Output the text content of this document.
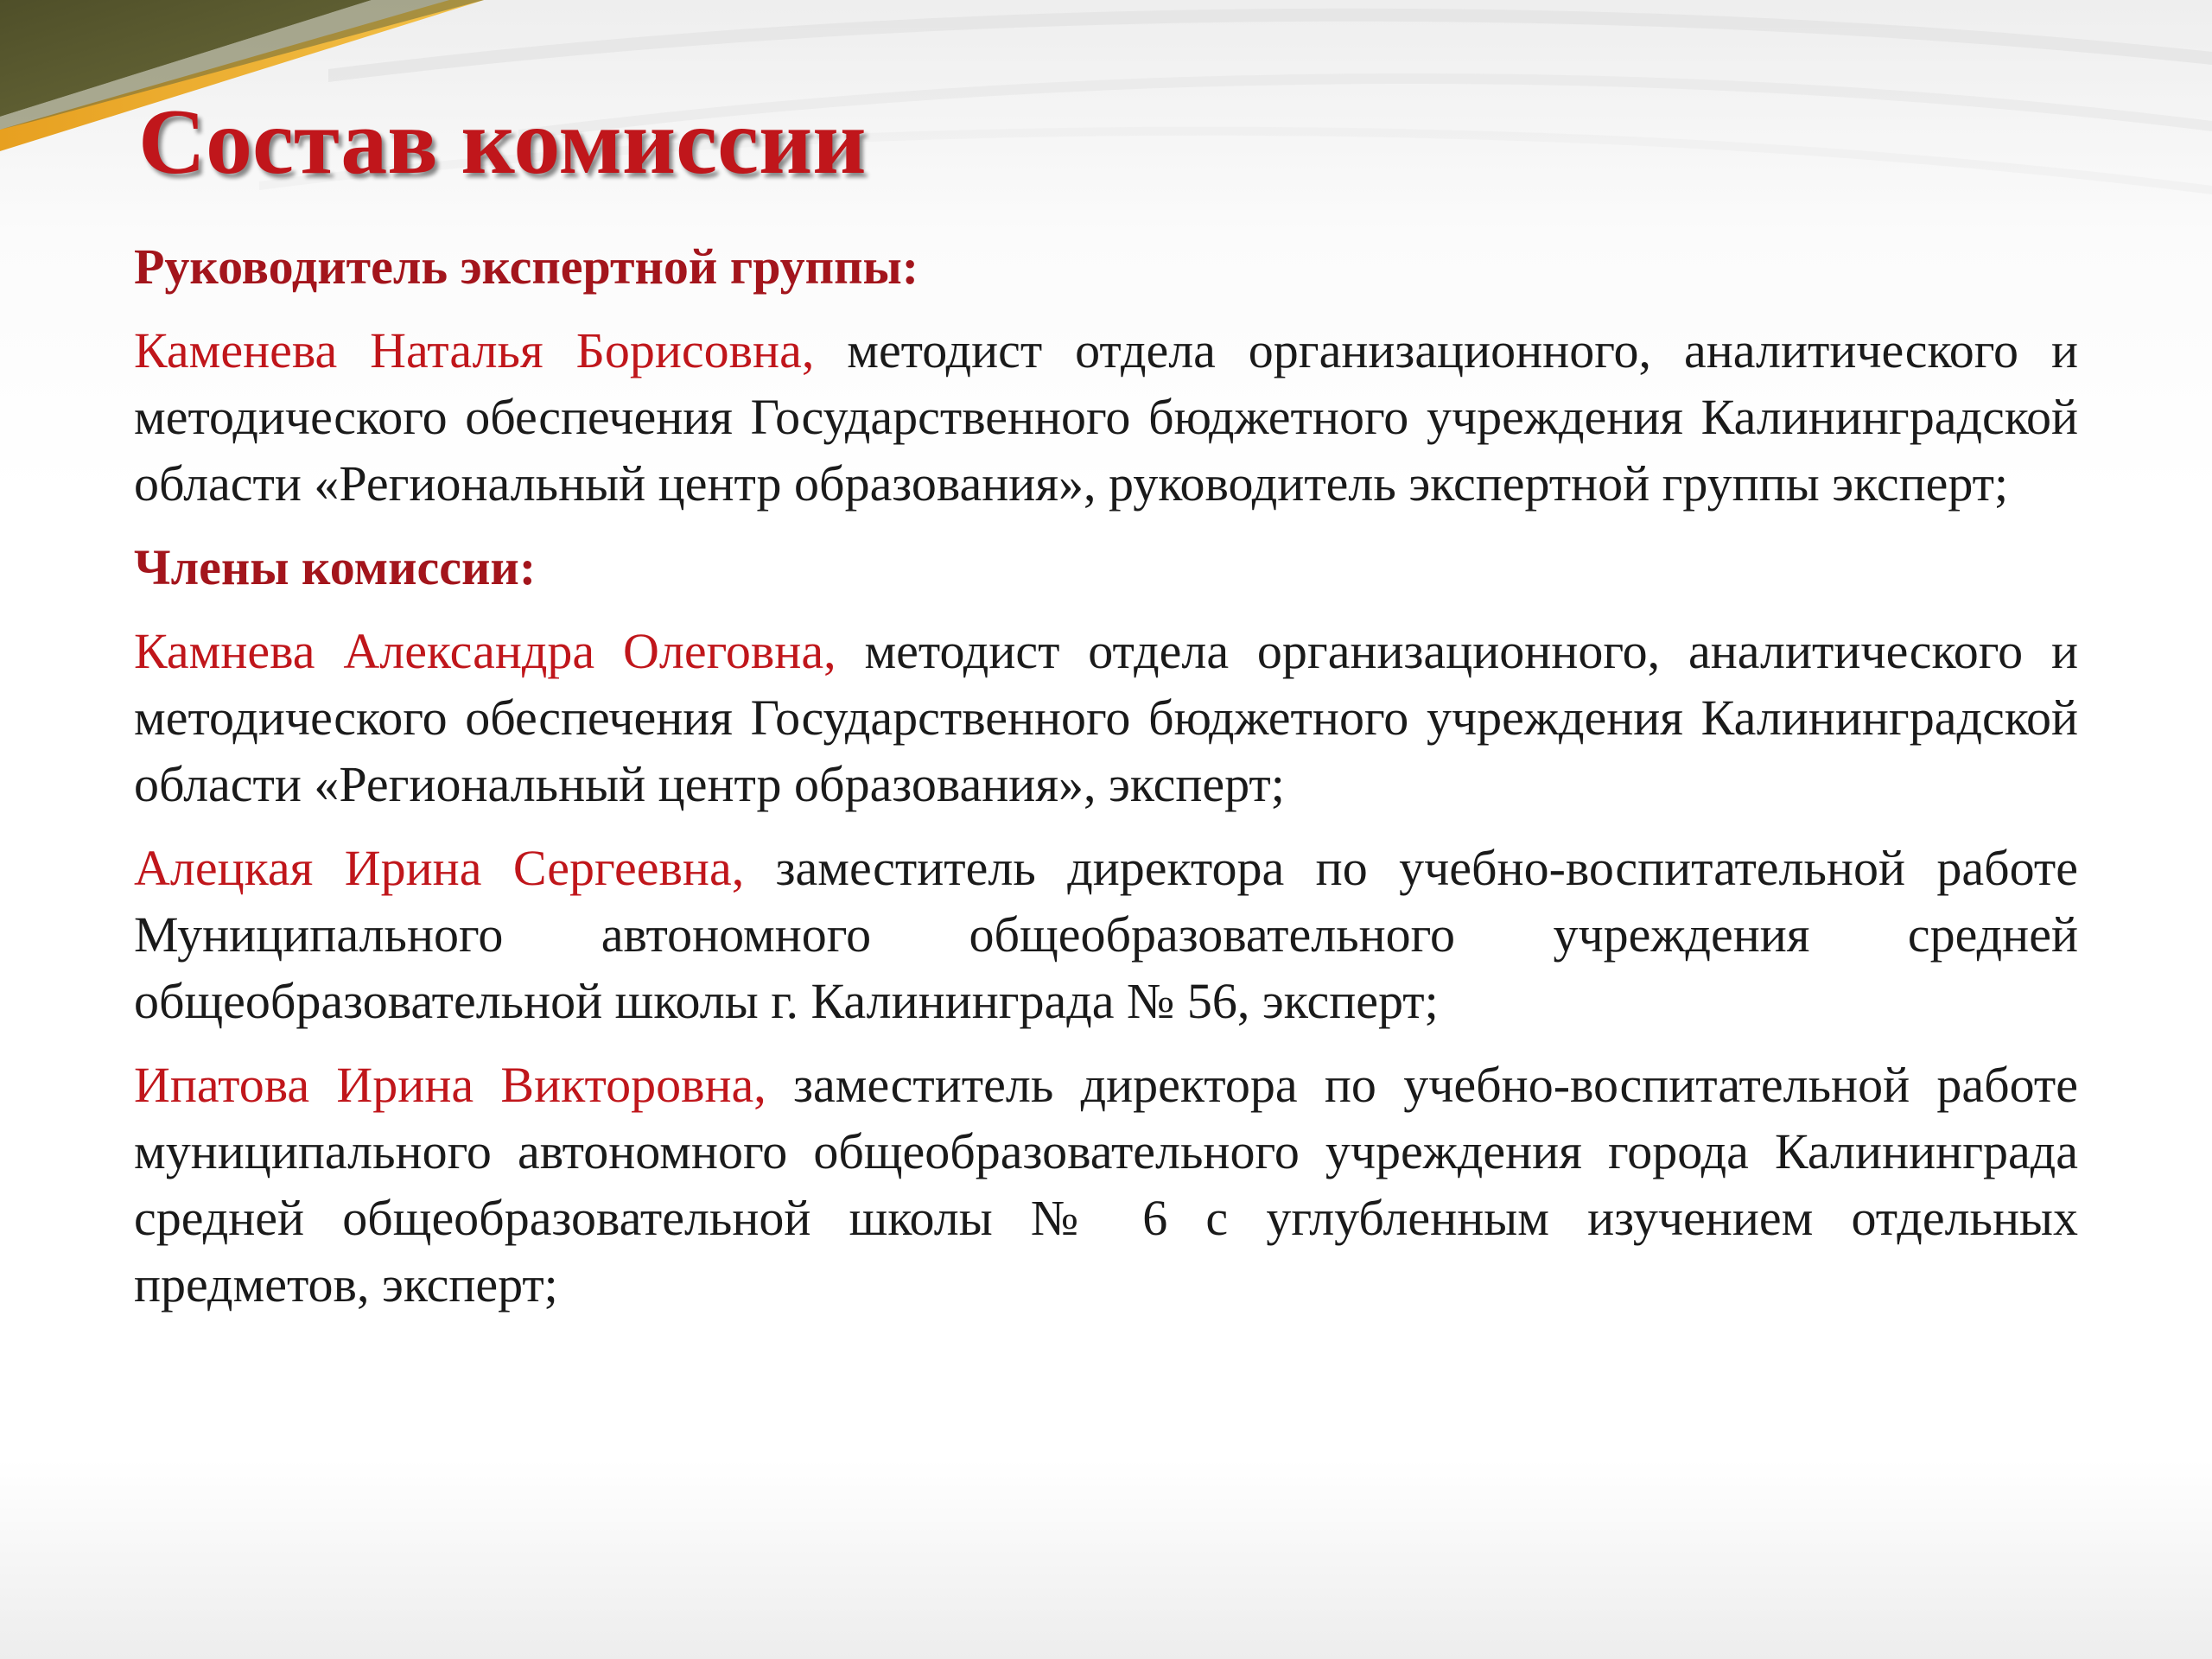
Состав комиссии

Руководитель экспертной группы:

Каменева Наталья Борисовна, методист отдела организационного, аналитического и методического обеспечения Государственного бюджетного учреждения Калининградской области «Региональный центр образования», руководитель экспертной группы эксперт;

Члены комиссии:

Камнева Александра Олеговна, методист отдела организационного, аналитического и методического обеспечения Государственного бюджетного учреждения Калининградской области «Региональный центр образования», эксперт;

Алецкая Ирина Сергеевна, заместитель директора по учебно-воспитательной работе Муниципального автономного общеобразовательного учреждения средней общеобразовательной школы г. Калининграда № 56, эксперт;

Ипатова Ирина Викторовна, заместитель директора по учебно-воспитательной работе муниципального автономного общеобразовательного учреждения города Калининграда средней общеобразовательной школы № 6 с углубленным изучением отдельных предметов, эксперт;
